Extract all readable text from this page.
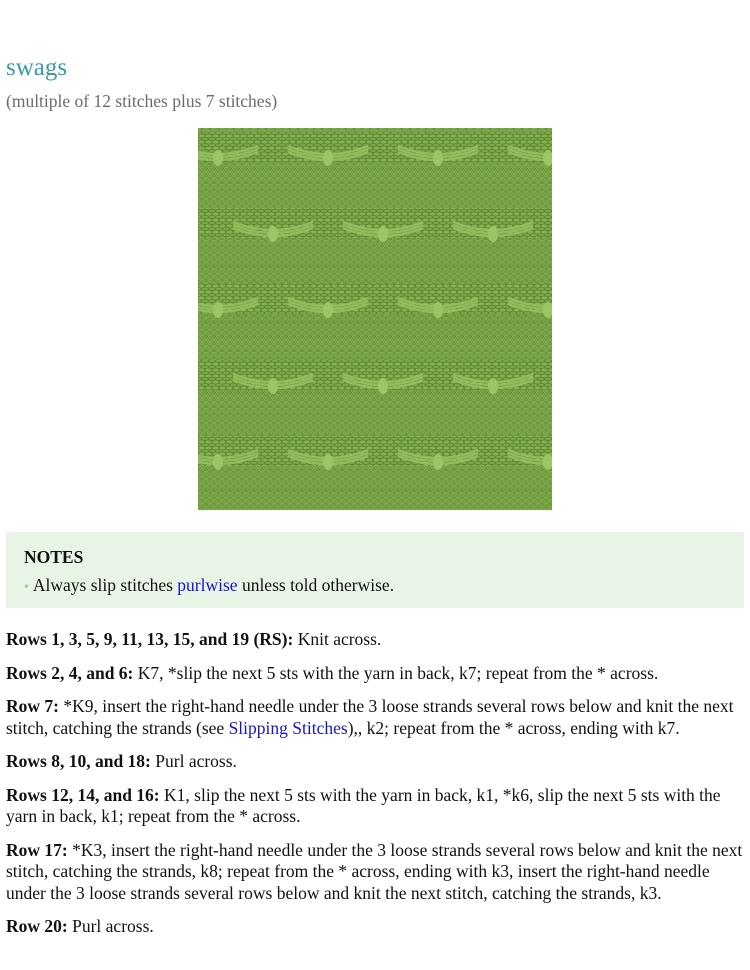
swags
(multiple of 12 stitches plus 7 stitches)
NOTES
• Always slip stitches purlwise unless told otherwise.

Rows 1, 3, 5, 9, 11, 13, 15, and 19 (RS): Knit across.

Rows 2, 4, and 6: K7, *slip the next 5 sts with the yarn in back, k7; repeat from the * across.

Row 7: *K9, insert the right-hand needle under the 3 loose strands several rows below and knit the next stitch, catching the strands (see Slipping Stitches),, k2; repeat from the * across, ending with k7.

Rows 8, 10, and 18: Purl across.

Rows 12, 14, and 16: K1, slip the next 5 sts with the yarn in back, k1, *k6, slip the next 5 sts with the yarn in back, k1; repeat from the * across.

Row 17: *K3, insert the right-hand needle under the 3 loose strands several rows below and knit the next stitch, catching the strands, k8; repeat from the * across, ending with k3, insert the right-hand needle under the 3 loose strands several rows below and knit the next stitch, catching the strands, k3.

Row 20: Purl across.
